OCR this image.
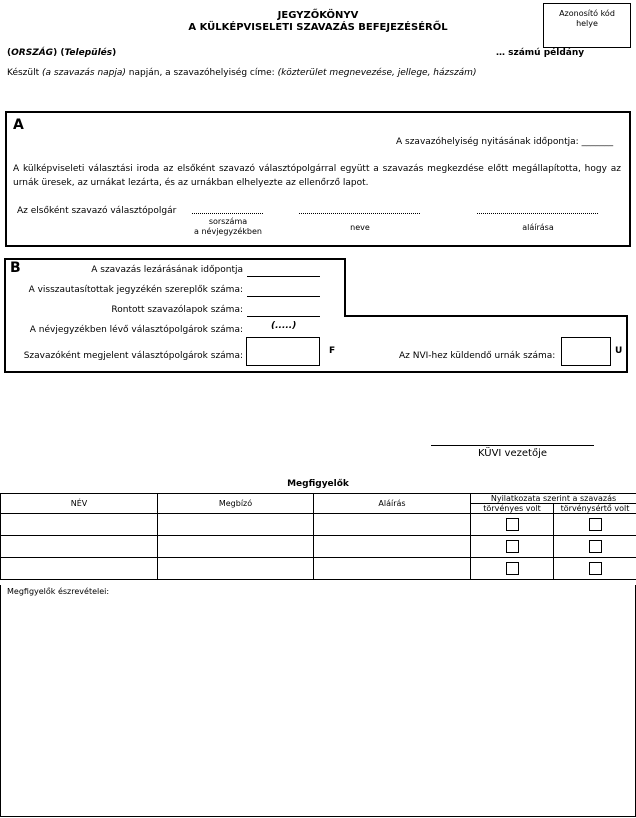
JEGYZŐKÖNYV
A KÜLKÉPVISELETI SZAVAZÁS BEFEJEZÉSÉRŐL
Azonosító kód helye
(ORSZÁG) (Település)	… számú példány
Készült (a szavazás napja) napján, a szavazóhelyiség címe: (közterület megnevezése, jellege, házszám)
A
A szavazóhelyiség nyitásának időpontja: _______
A külképviseleti választási iroda az elsőként szavazó választópolgárral együtt a szavazás megkezdése előtt megállapította, hogy az urnák üresek, az urnákat lezárta, és az urnákban elhelyezte az ellenőrző lapot.
Az elsőként szavazó választópolgár
sorszáma
a névjegyzékben	neve	aláírása
B	A szavazás lezárásának időpontja
A visszautasítottak jegyzékén szereplők száma:
Rontott szavazólapok száma:
A névjegyzékben lévő választópolgárok száma:	(.....)
Szavazóként megjelent választópolgárok száma:	F	Az NVI-hez küldendő urnák száma:	U
KÜVI vezetője
Megfigyelők
NÉV	Megbízó	Aláírás	Nyilatkozata szerint a szavazás	
			törvényes volt	törvénysértő volt

Megfigyelők észrevételei:
